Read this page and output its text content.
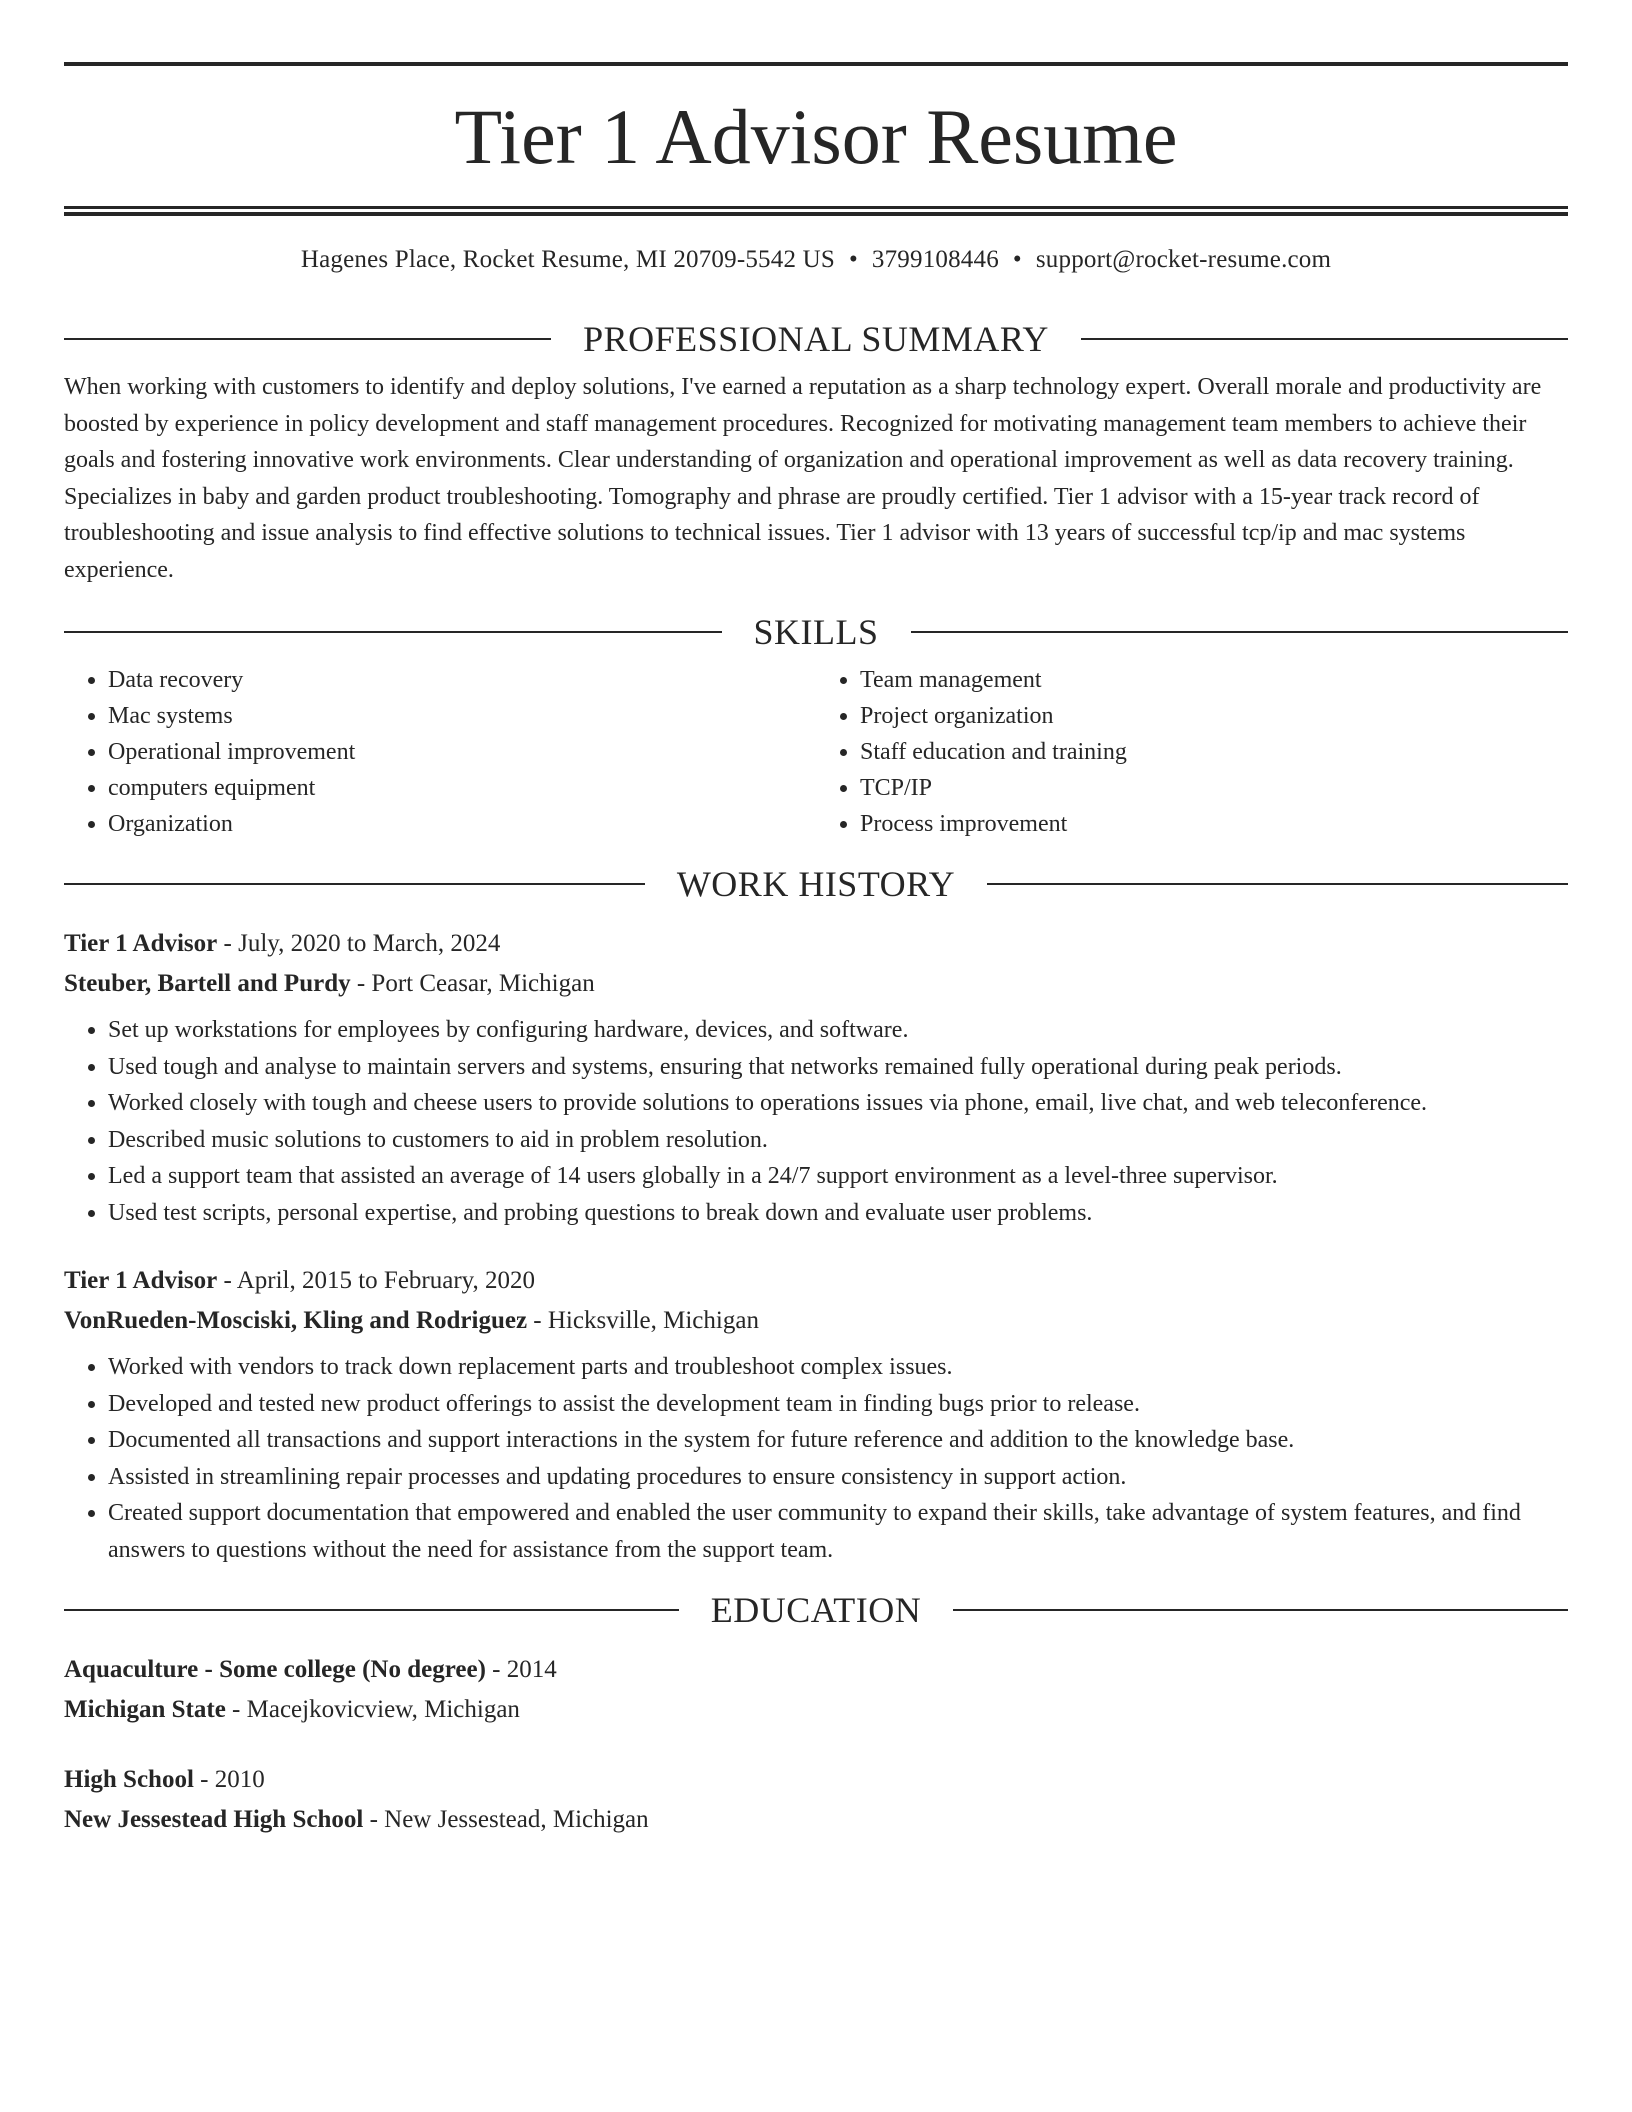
Tier 1 Advisor Resume
Hagenes Place, Rocket Resume, MI 20709-5542 US • 3799108446 • support@rocket-resume.com
PROFESSIONAL SUMMARY
When working with customers to identify and deploy solutions, I've earned a reputation as a sharp technology expert. Overall morale and productivity are boosted by experience in policy development and staff management procedures. Recognized for motivating management team members to achieve their goals and fostering innovative work environments. Clear understanding of organization and operational improvement as well as data recovery training. Specializes in baby and garden product troubleshooting. Tomography and phrase are proudly certified. Tier 1 advisor with a 15-year track record of troubleshooting and issue analysis to find effective solutions to technical issues. Tier 1 advisor with 13 years of successful tcp/ip and mac systems experience.
SKILLS
• Data recovery
• Mac systems
• Operational improvement
• computers equipment
• Organization
• Team management
• Project organization
• Staff education and training
• TCP/IP
• Process improvement
WORK HISTORY
Tier 1 Advisor - July, 2020 to March, 2024
Steuber, Bartell and Purdy - Port Ceasar, Michigan
• Set up workstations for employees by configuring hardware, devices, and software.
• Used tough and analyse to maintain servers and systems, ensuring that networks remained fully operational during peak periods.
• Worked closely with tough and cheese users to provide solutions to operations issues via phone, email, live chat, and web teleconference.
• Described music solutions to customers to aid in problem resolution.
• Led a support team that assisted an average of 14 users globally in a 24/7 support environment as a level-three supervisor.
• Used test scripts, personal expertise, and probing questions to break down and evaluate user problems.
Tier 1 Advisor - April, 2015 to February, 2020
VonRueden-Mosciski, Kling and Rodriguez - Hicksville, Michigan
• Worked with vendors to track down replacement parts and troubleshoot complex issues.
• Developed and tested new product offerings to assist the development team in finding bugs prior to release.
• Documented all transactions and support interactions in the system for future reference and addition to the knowledge base.
• Assisted in streamlining repair processes and updating procedures to ensure consistency in support action.
• Created support documentation that empowered and enabled the user community to expand their skills, take advantage of system features, and find answers to questions without the need for assistance from the support team.
EDUCATION
Aquaculture - Some college (No degree) - 2014
Michigan State - Macejkovicview, Michigan
High School - 2010
New Jessestead High School - New Jessestead, Michigan
